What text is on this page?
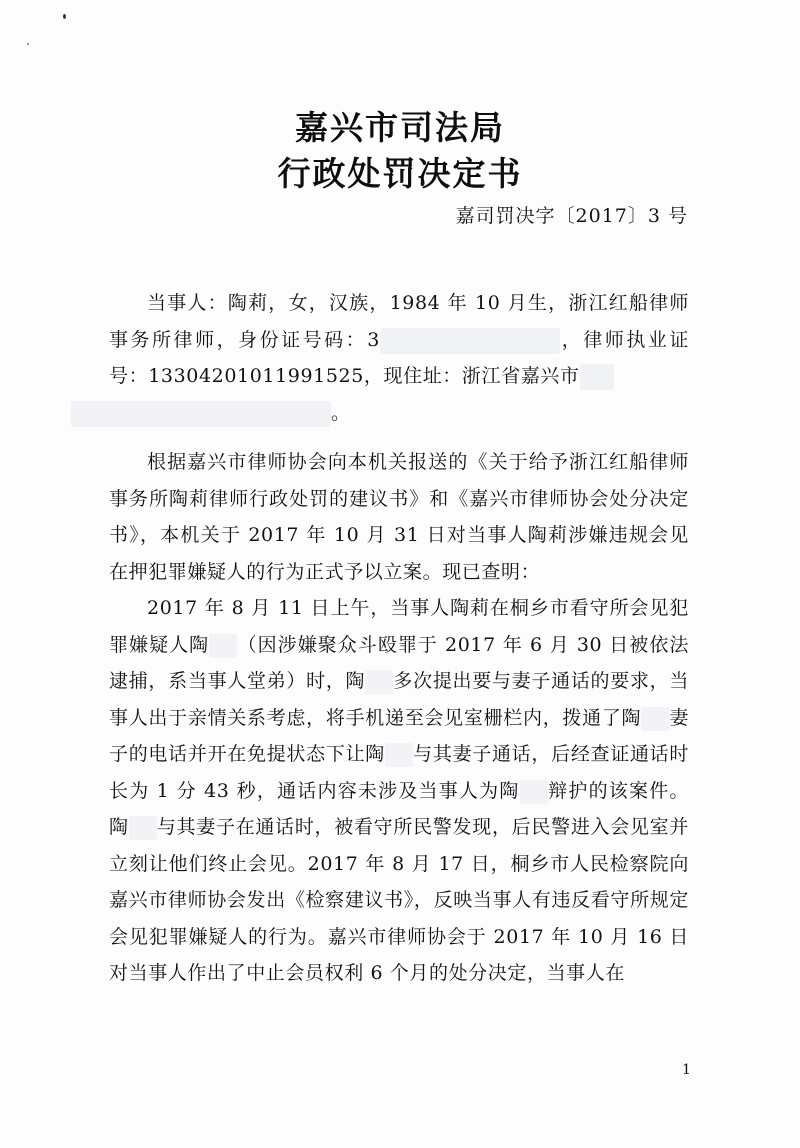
嘉兴市司法局
行政处罚决定书
嘉司罚决字〔2017〕3 号

当事人：陶莉，女，汉族，1984 年 10 月生，浙江红船律师事务所律师，身份证号码：3	，律师执业证号：13304201011991525，现住址：浙江省嘉兴市
。

根据嘉兴市律师协会向本机关报送的《关于给予浙江红船律师事务所陶莉律师行政处罚的建议书》和《嘉兴市律师协会处分决定书》，本机关于 2017 年 10 月 31 日对当事人陶莉涉嫌违规会见在押犯罪嫌疑人的行为正式予以立案。现已查明：

2017 年 8 月 11 日上午，当事人陶莉在桐乡市看守所会见犯罪嫌疑人陶 （因涉嫌聚众斗殴罪于 2017 年 6 月 30 日被依法逮捕，系当事人堂弟）时，陶 多次提出要与妻子通话的要求，当事人出于亲情关系考虑，将手机递至会见室栅栏内，拨通了陶 妻子的电话并开在免提状态下让陶 与其妻子通话，后经查证通话时长为 1 分 43 秒，通话内容未涉及当事人为陶 辩护的该案件。陶 与其妻子在通话时，被看守所民警发现，后民警进入会见室并立刻让他们终止会见。2017 年 8 月 17 日，桐乡市人民检察院向嘉兴市律师协会发出《检察建议书》，反映当事人有违反看守所规定会见犯罪嫌疑人的行为。嘉兴市律师协会于 2017 年 10 月 16 日对当事人作出了中止会员权利 6 个月的处分决定，当事人在

1
